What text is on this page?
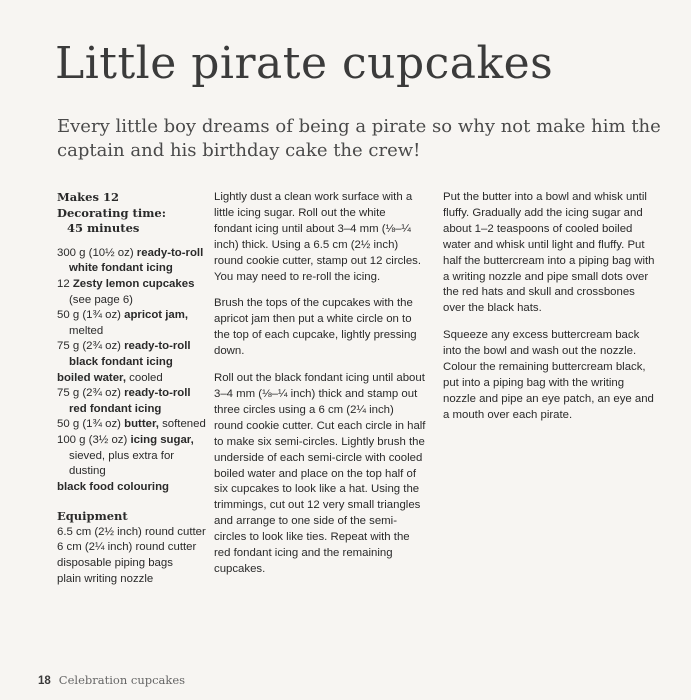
Little pirate cupcakes

Every little boy dreams of being a pirate so why not make him the captain and his birthday cake the crew!

Makes 12
Decorating time:
45 minutes
300 g (10½ oz) ready-to-roll white fondant icing
12 Zesty lemon cupcakes (see page 6)
50 g (1¾ oz) apricot jam, melted
75 g (2¾ oz) ready-to-roll black fondant icing
boiled water, cooled
75 g (2¾ oz) ready-to-roll red fondant icing
50 g (1¾ oz) butter, softened
100 g (3½ oz) icing sugar, sieved, plus extra for dusting
black food colouring
Equipment
6.5 cm (2½ inch) round cutter
6 cm (2¼ inch) round cutter
disposable piping bags
plain writing nozzle

Lightly dust a clean work surface with a little icing sugar. Roll out the white fondant icing until about 3–4 mm (⅛–¼ inch) thick. Using a 6.5 cm (2½ inch) round cookie cutter, stamp out 12 circles. You may need to re-roll the icing.

Brush the tops of the cupcakes with the apricot jam then put a white circle on to the top of each cupcake, lightly pressing down.

Roll out the black fondant icing until about 3–4 mm (⅛–¼ inch) thick and stamp out three circles using a 6 cm (2¼ inch) round cookie cutter. Cut each circle in half to make six semi-circles. Lightly brush the underside of each semi-circle with cooled boiled water and place on the top half of six cupcakes to look like a hat. Using the trimmings, cut out 12 very small triangles and arrange to one side of the semi-circles to look like ties. Repeat with the red fondant icing and the remaining cupcakes.

Put the butter into a bowl and whisk until fluffy. Gradually add the icing sugar and about 1–2 teaspoons of cooled boiled water and whisk until light and fluffy. Put half the buttercream into a piping bag with a writing nozzle and pipe small dots over the red hats and skull and crossbones over the black hats.

Squeeze any excess buttercream back into the bowl and wash out the nozzle. Colour the remaining buttercream black, put into a piping bag with the writing nozzle and pipe an eye patch, an eye and a mouth over each pirate.

18 Celebration cupcakes
